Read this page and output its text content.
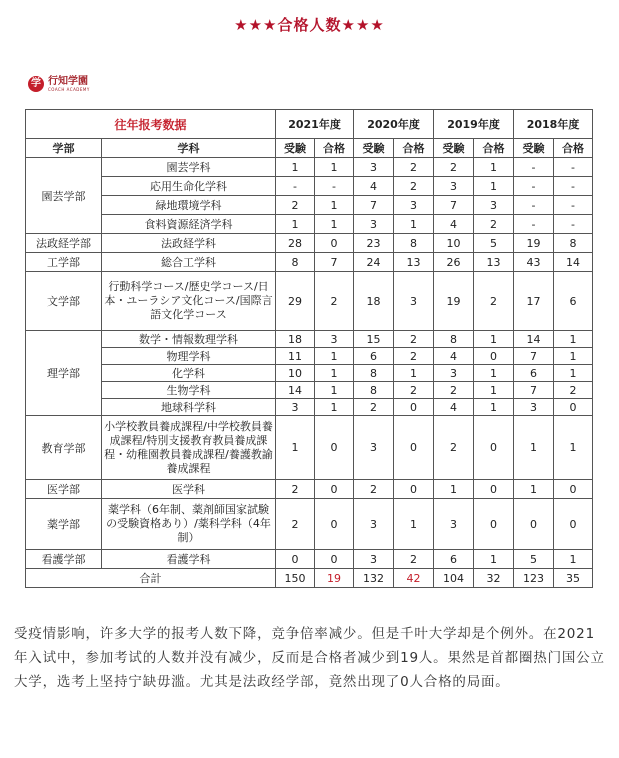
★★★合格人数★★★
学 行知学園
COACH ACADEMY
往年报考数据		2021年度		2020年度		2019年度		2018年度	
学部	学科	受験	合格	受験	合格	受験	合格	受験	合格
園芸学部	園芸学科	1	1	3	2	2	1	-	-
	応用生命化学科	-	-	4	2	3	1	-	-
	緑地環境学科	2	1	7	3	7	3	-	-
	食料資源経済学科	1	1	3	1	4	2	-	-
法政経学部	法政経学科	28	0	23	8	10	5	19	8
工学部	総合工学科	8	7	24	13	26	13	43	14
文学部	行動科学コース/歴史学コース/日本・ユーラシア文化コース/国際言語文化学コース	29	2	18	3	19	2	17	6
理学部	数学・情報数理学科	18	3	15	2	8	1	14	1
	物理学科	11	1	6	2	4	0	7	1
	化学科	10	1	8	1	3	1	6	1
	生物学科	14	1	8	2	2	1	7	2
	地球科学科	3	1	2	0	4	1	3	0
教育学部	小学校教員養成課程/中学校教員養成課程/特別支援教育教員養成課程・幼稚園教員養成課程/養護教諭養成課程	1	0	3	0	2	0	1	1
医学部	医学科	2	0	2	0	1	0	1	0
薬学部	薬学科（6年制、薬剤師国家試験の受験資格あり）/薬科学科（4年制）	2	0	3	1	3	0	0	0
看護学部	看護学科	0	0	3	2	6	1	5	1
合計		150	19	132	42	104	32	123	35
受疫情影响，许多大学的报考人数下降，竞争倍率减少。但是千叶大学却是个例外。在2021年入试中，参加考试的人数并没有减少，反而是合格者减少到19人。果然是首都圈热门国公立大学，选考上坚持宁缺毋滥。尤其是法政经学部，竟然出现了0人合格的局面。
